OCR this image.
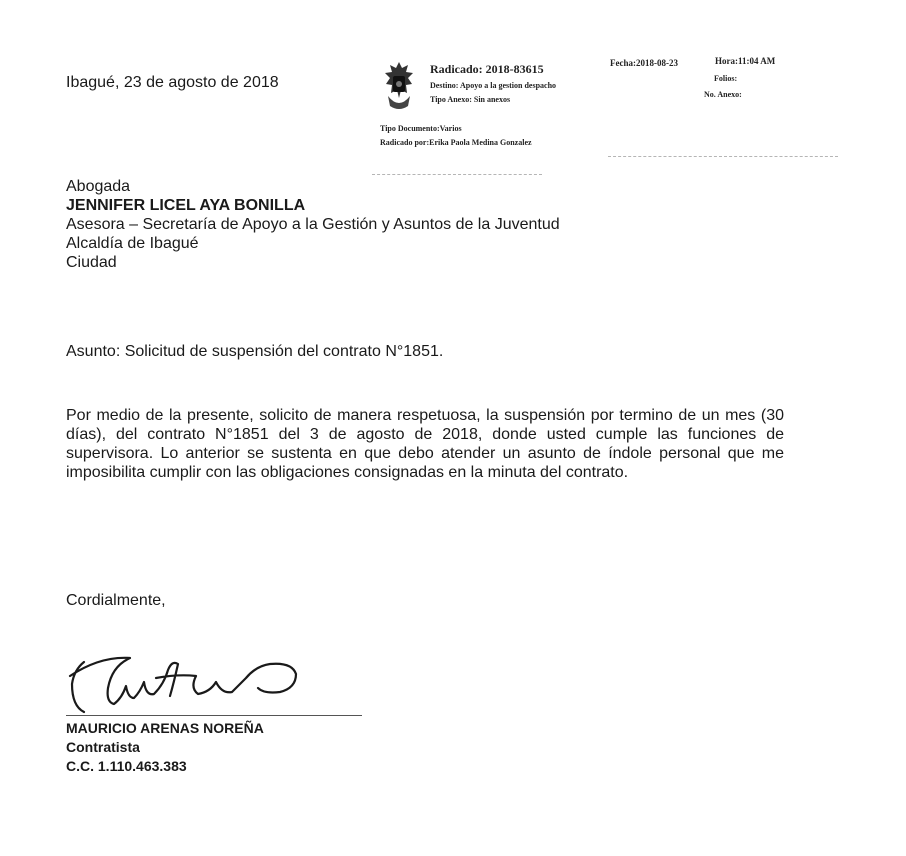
Ibagué, 23 de agosto de 2018
Radicado: 2018-83615	Fecha:2018-08-23	Hora:11:04 AM
Destino: Apoyo a la gestion despacho
Folios:
Tipo Anexo: Sin anexos
No. Anexo:
Tipo Documento:Varios
Radicado por:Erika Paola Medina Gonzalez
Abogada
JENNIFER LICEL AYA BONILLA
Asesora – Secretaría de Apoyo a la Gestión y Asuntos de la Juventud
Alcaldía de Ibagué
Ciudad
Asunto: Solicitud de suspensión del contrato N°1851.
Por medio de la presente, solicito de manera respetuosa, la suspensión por termino de un mes (30 días), del contrato N°1851 del 3 de agosto de 2018, donde usted cumple las funciones de supervisora. Lo anterior se sustenta en que debo atender un asunto de índole personal que me imposibilita cumplir con las obligaciones consignadas en la minuta del contrato.
Cordialmente,
MAURICIO ARENAS NOREÑA
Contratista
C.C. 1.110.463.383
